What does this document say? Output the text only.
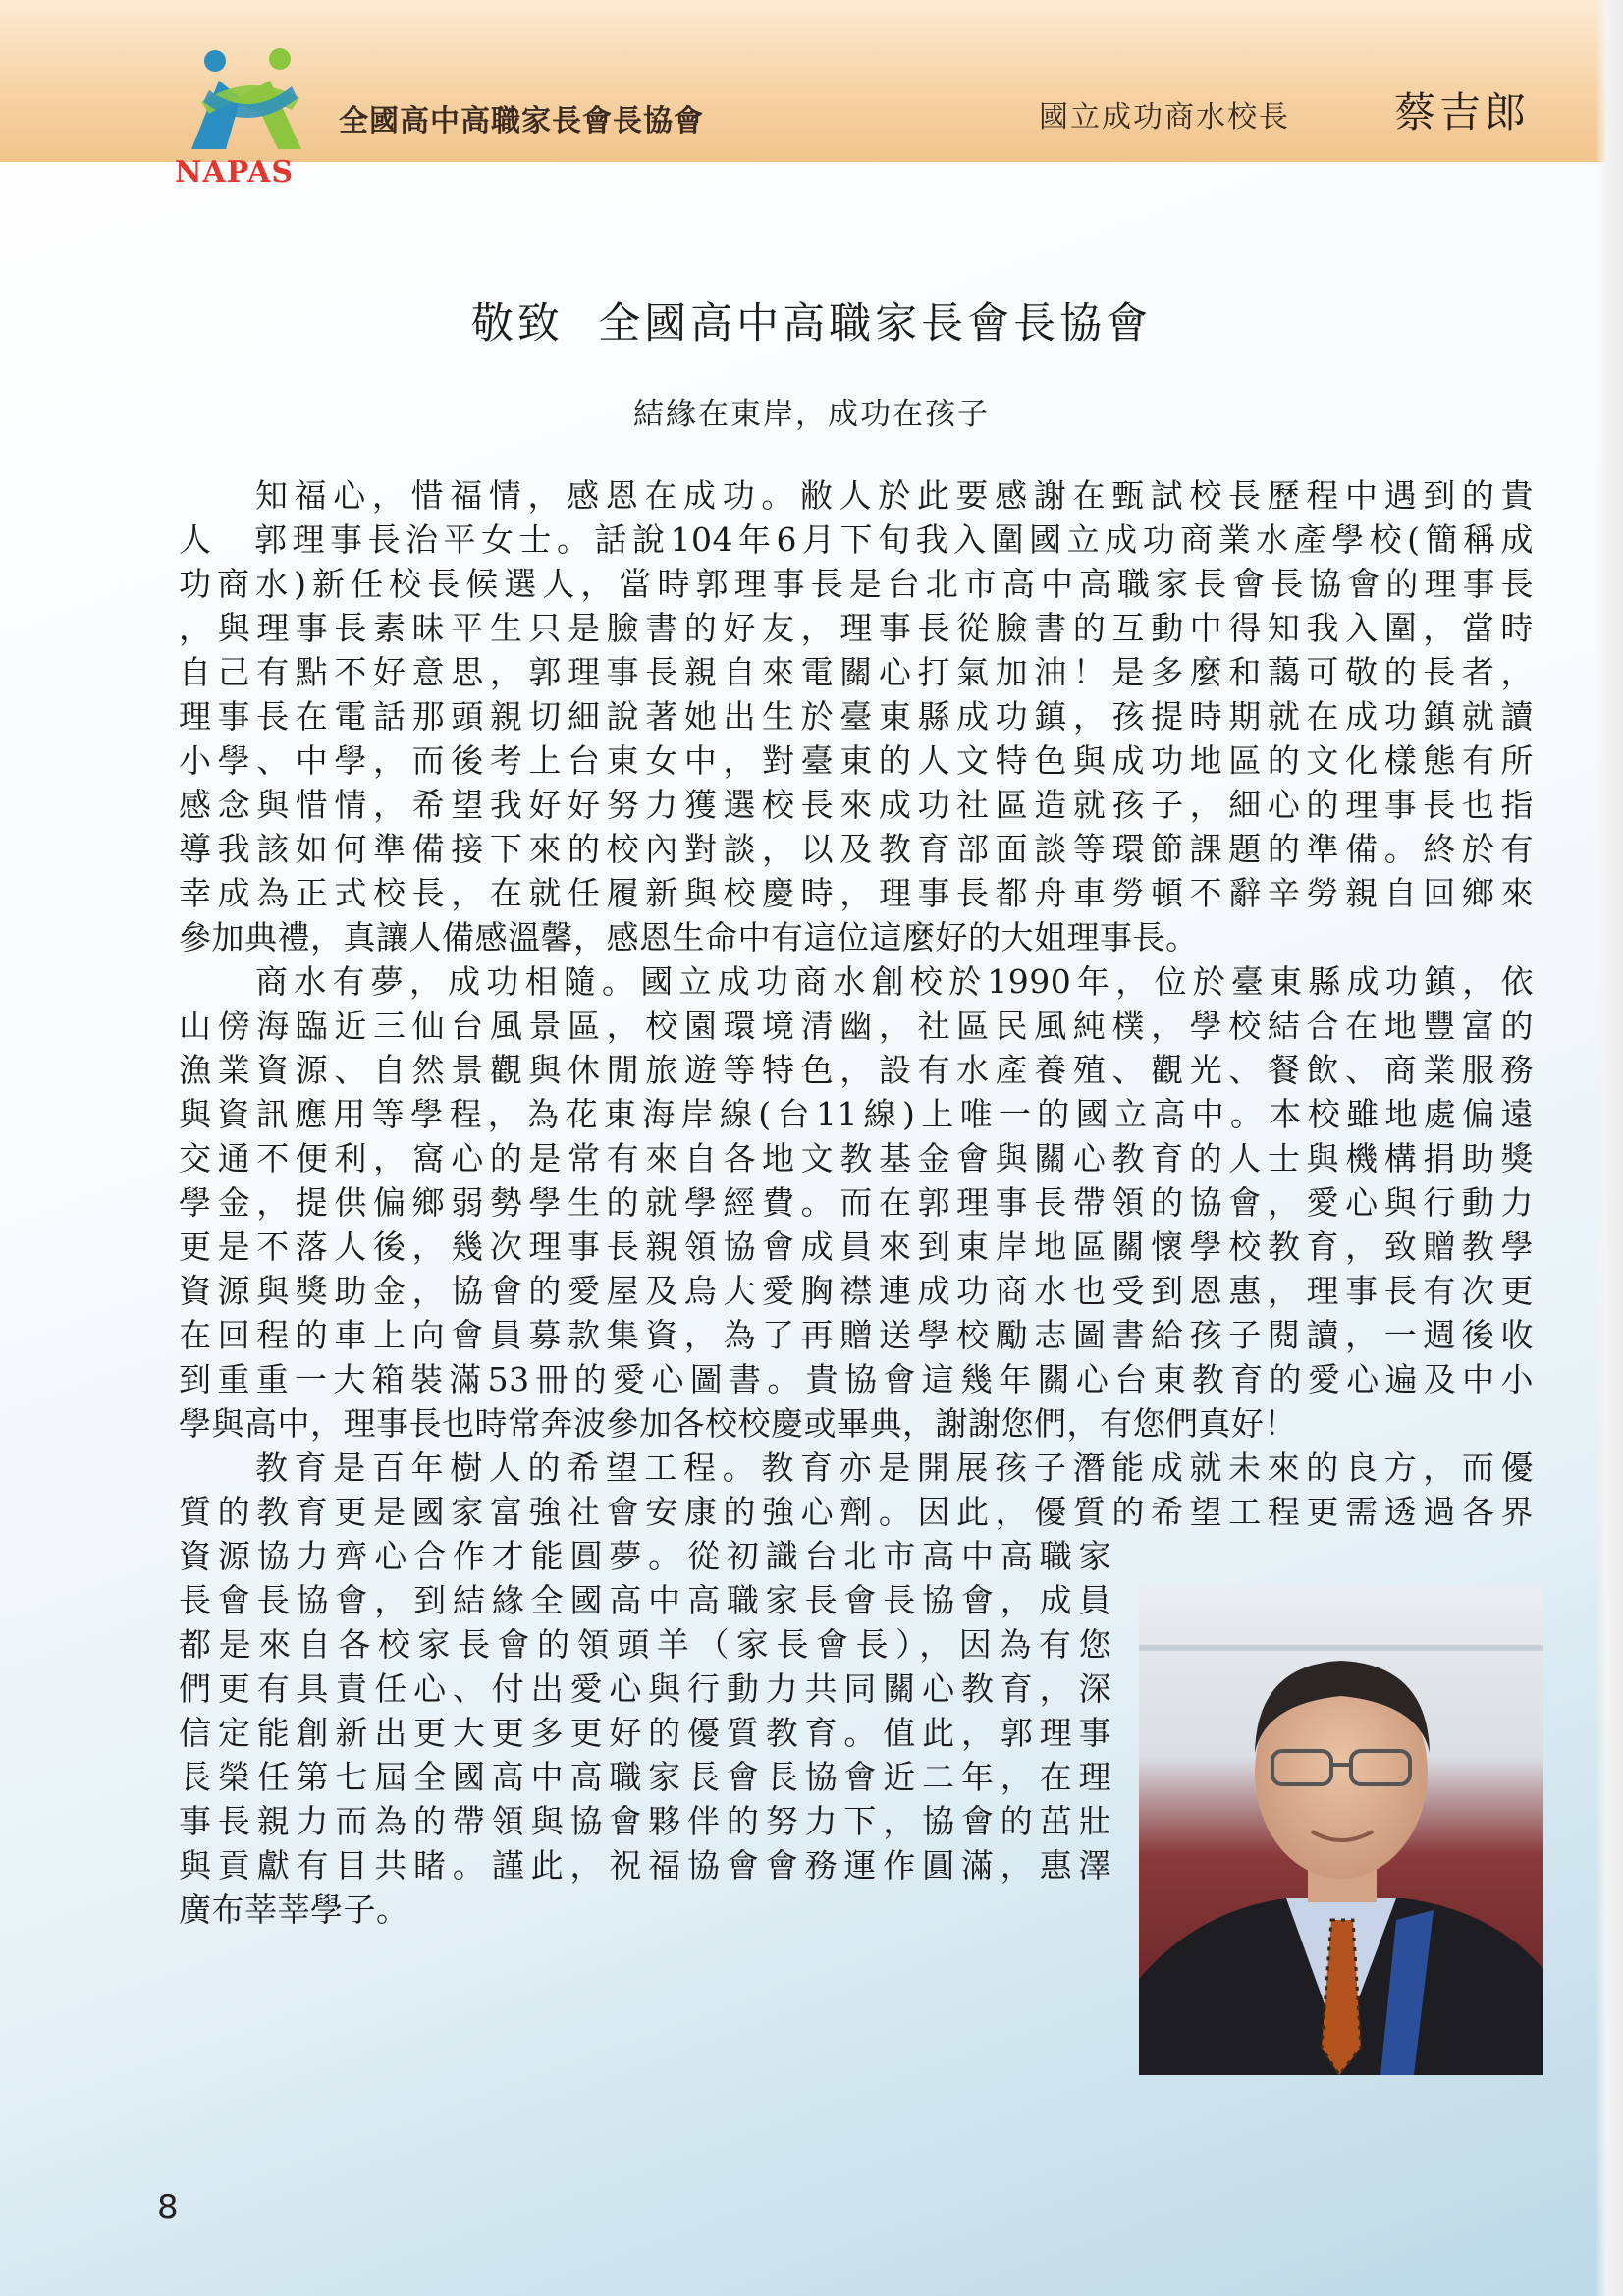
NAPAS
全國高中高職家長會長協會	國立成功商水校長	蔡吉郎
敬致  全國高中高職家長會長協會
結緣在東岸，成功在孩子
知福心，惜福情，感恩在成功。敝人於此要感謝在甄試校長歷程中遇到的貴
人　郭理事長治平女士。話說104年6月下旬我入圍國立成功商業水產學校(簡稱成
功商水)新任校長候選人，當時郭理事長是台北市高中高職家長會長協會的理事長
，與理事長素昧平生只是臉書的好友，理事長從臉書的互動中得知我入圍，當時
自己有點不好意思，郭理事長親自來電關心打氣加油！是多麼和藹可敬的長者，
理事長在電話那頭親切細說著她出生於臺東縣成功鎮，孩提時期就在成功鎮就讀
小學、中學，而後考上台東女中，對臺東的人文特色與成功地區的文化樣態有所
感念與惜情，希望我好好努力獲選校長來成功社區造就孩子，細心的理事長也指
導我該如何準備接下來的校內對談，以及教育部面談等環節課題的準備。終於有
幸成為正式校長，在就任履新與校慶時，理事長都舟車勞頓不辭辛勞親自回鄉來
參加典禮，真讓人備感溫馨，感恩生命中有這位這麼好的大姐理事長。
商水有夢，成功相隨。國立成功商水創校於1990年，位於臺東縣成功鎮，依
山傍海臨近三仙台風景區，校園環境清幽，社區民風純樸，學校結合在地豐富的
漁業資源、自然景觀與休閒旅遊等特色，設有水產養殖、觀光、餐飲、商業服務
與資訊應用等學程，為花東海岸線(台11線)上唯一的國立高中。本校雖地處偏遠
交通不便利，窩心的是常有來自各地文教基金會與關心教育的人士與機構捐助獎
學金，提供偏鄉弱勢學生的就學經費。而在郭理事長帶領的協會，愛心與行動力
更是不落人後，幾次理事長親領協會成員來到東岸地區關懷學校教育，致贈教學
資源與獎助金，協會的愛屋及烏大愛胸襟連成功商水也受到恩惠，理事長有次更
在回程的車上向會員募款集資，為了再贈送學校勵志圖書給孩子閱讀，一週後收
到重重一大箱裝滿53冊的愛心圖書。貴協會這幾年關心台東教育的愛心遍及中小
學與高中，理事長也時常奔波參加各校校慶或畢典，謝謝您們，有您們真好！
教育是百年樹人的希望工程。教育亦是開展孩子潛能成就未來的良方，而優
質的教育更是國家富強社會安康的強心劑。因此，優質的希望工程更需透過各界
資源協力齊心合作才能圓夢。從初識台北市高中高職家
長會長協會，到結緣全國高中高職家長會長協會，成員
都是來自各校家長會的領頭羊（家長會長），因為有您
們更有具責任心、付出愛心與行動力共同關心教育，深
信定能創新出更大更多更好的優質教育。值此，郭理事
長榮任第七屆全國高中高職家長會長協會近二年，在理
事長親力而為的帶領與協會夥伴的努力下，協會的茁壯
與貢獻有目共睹。謹此，祝福協會會務運作圓滿，惠澤
廣布莘莘學子。
8
